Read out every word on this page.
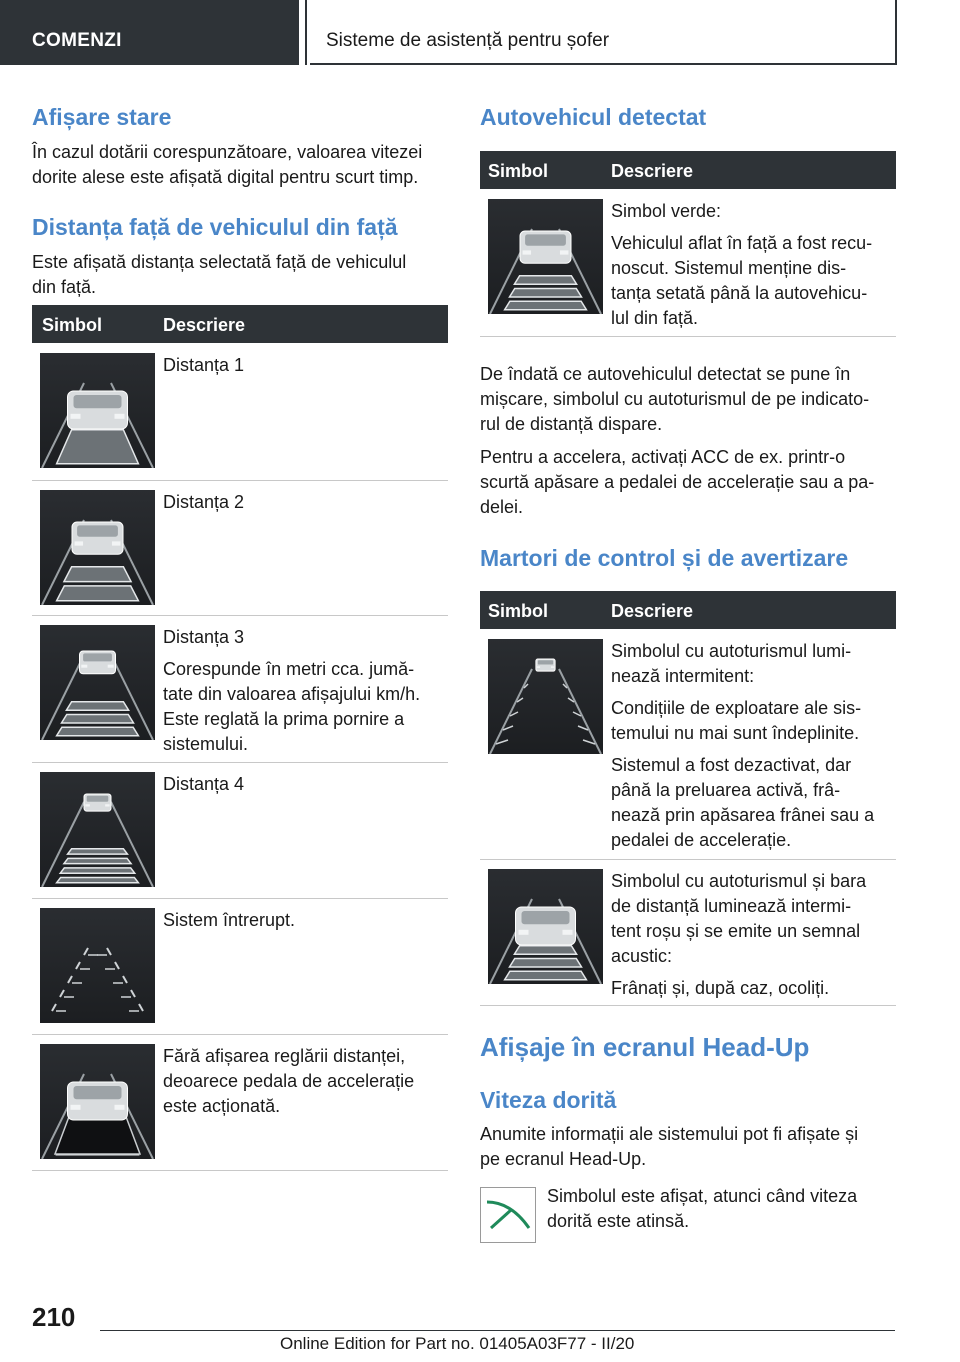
COMENZI	Sisteme de asistență pentru șofer
Afișare stare

În cazul dotării corespunzătoare, valoarea vitezei
dorite alese este afișată digital pentru scurt timp.

Distanța față de vehiculul din față

Este afișată distanța selectată față de vehiculul
din față.

Simbol	Descriere
Distanța 1
Distanța 2
Distanța 3
Corespunde în metri cca. jumă-
tate din valoarea afișajului km/h.
Este reglată la prima pornire a
sistemului.
Distanța 4
Sistem întrerupt.
Fără afișarea reglării distanței,
deoarece pedala de accelerație
este acționată.
Autovehicul detectat
Simbol	Descriere
Simbol verde:
Vehiculul aflat în față a fost recu-
noscut. Sistemul menține dis-
tanța setată până la autovehicu-
lul din față.

De îndată ce autovehiculul detectat se pune în
mișcare, simbolul cu autoturismul de pe indicato-
rul de distanță dispare.

Pentru a accelera, activați ACC de ex. printr-o
scurtă apăsare a pedalei de accelerație sau a pa-
delei.

Martori de control și de avertizare
Simbol	Descriere
Simbolul cu autoturismul lumi-
nează intermitent:
Condițiile de exploatare ale sis-
temului nu mai sunt îndeplinite.
Sistemul a fost dezactivat, dar
până la preluarea activă, frâ-
nează prin apăsarea frânei sau a
pedalei de accelerație.
Simbolul cu autoturismul și bara
de distanță luminează intermi-
tent roșu și se emite un semnal
acustic:
Frânați și, după caz, ocoliți.
Afișaje în ecranul Head-Up
Viteza dorită

Anumite informații ale sistemului pot fi afișate și
pe ecranul Head-Up.

Simbolul este afișat, atunci când viteza
dorită este atinsă.

210
Online Edition for Part no. 01405A03F77 - II/20
